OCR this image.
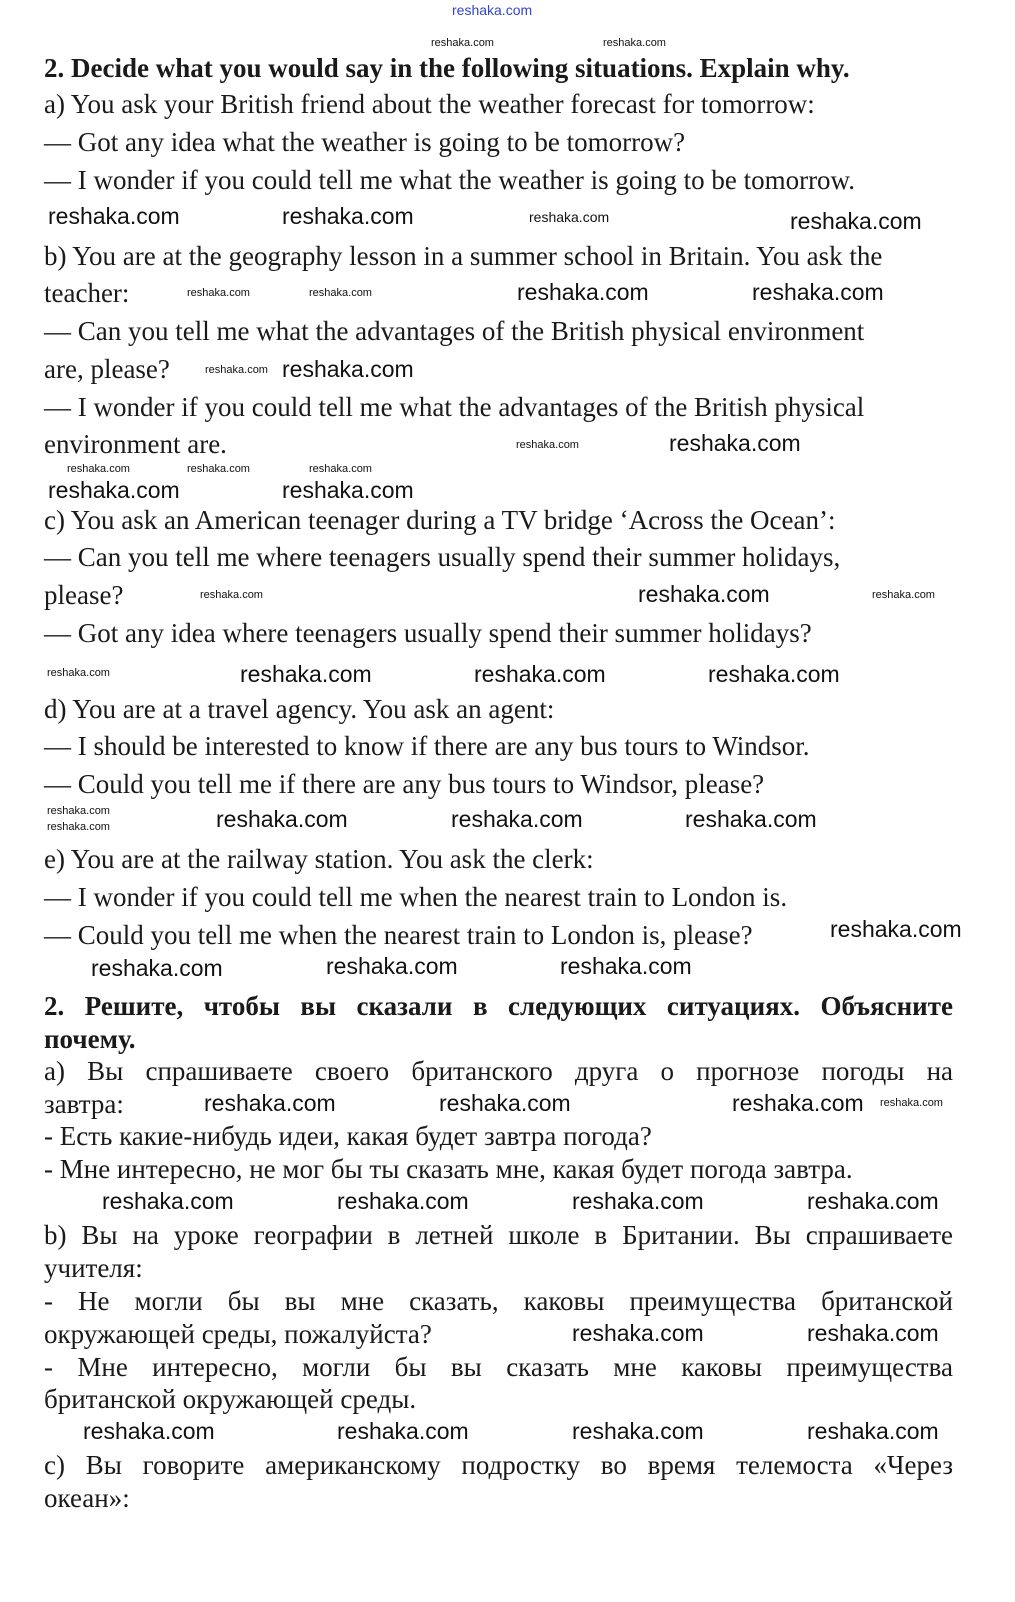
2. Decide what you would say in the following situations. Explain why.
a) You ask your British friend about the weather forecast for tomorrow:
— Got any idea what the weather is going to be tomorrow?
— I wonder if you could tell me what the weather is going to be tomorrow.
b) You are at the geography lesson in a summer school in Britain. You ask the
teacher:
— Can you tell me what the advantages of the British physical environment
are, please?
— I wonder if you could tell me what the advantages of the British physical
environment are.
c) You ask an American teenager during a TV bridge ‘Across the Ocean’:
— Can you tell me where teenagers usually spend their summer holidays,
please?
— Got any idea where teenagers usually spend their summer holidays?
d) You are at a travel agency. You ask an agent:
— I should be interested to know if there are any bus tours to Windsor.
— Could you tell me if there are any bus tours to Windsor, please?
e) You are at the railway station. You ask the clerk:
— I wonder if you could tell me when the nearest train to London is.
— Could you tell me when the nearest train to London is, please?
2. Решите, чтобы вы сказали в следующих ситуациях. Объясните
почему.
а) Вы спрашиваете своего британского друга о прогнозе погоды на
завтра:
- Есть какие-нибудь идеи, какая будет завтра погода?
- Мне интересно, не мог бы ты сказать мне, какая будет погода завтра.
b) Вы на уроке географии в летней школе в Британии. Вы спрашиваете
учителя:
- Не могли бы вы мне сказать, каковы преимущества британской
окружающей среды, пожалуйста?
- Мне интересно, могли бы вы сказать мне каковы преимущества
британской окружающей среды.
с) Вы говорите американскому подростку во время телемоста «Через
океан»:
reshaka.com
reshaka.com	reshaka.com
reshaka.com	reshaka.com	reshaka.com	reshaka.com
reshaka.com	reshaka.com	reshaka.com	reshaka.com
reshaka.com reshaka.com
reshaka.com
reshaka.com
reshaka.com	reshaka.com	reshaka.com
reshaka.com	reshaka.com
reshaka.com	reshaka.com	reshaka.com
reshaka.com	reshaka.com	reshaka.com	reshaka.com
reshaka.com
reshaka.com	reshaka.com	reshaka.com	reshaka.com
reshaka.com
reshaka.com	reshaka.com	reshaka.com
reshaka.com	reshaka.com	reshaka.com reshaka.com
reshaka.com	reshaka.com	reshaka.com	reshaka.com
reshaka.com	reshaka.com
reshaka.com	reshaka.com	reshaka.com	reshaka.com
